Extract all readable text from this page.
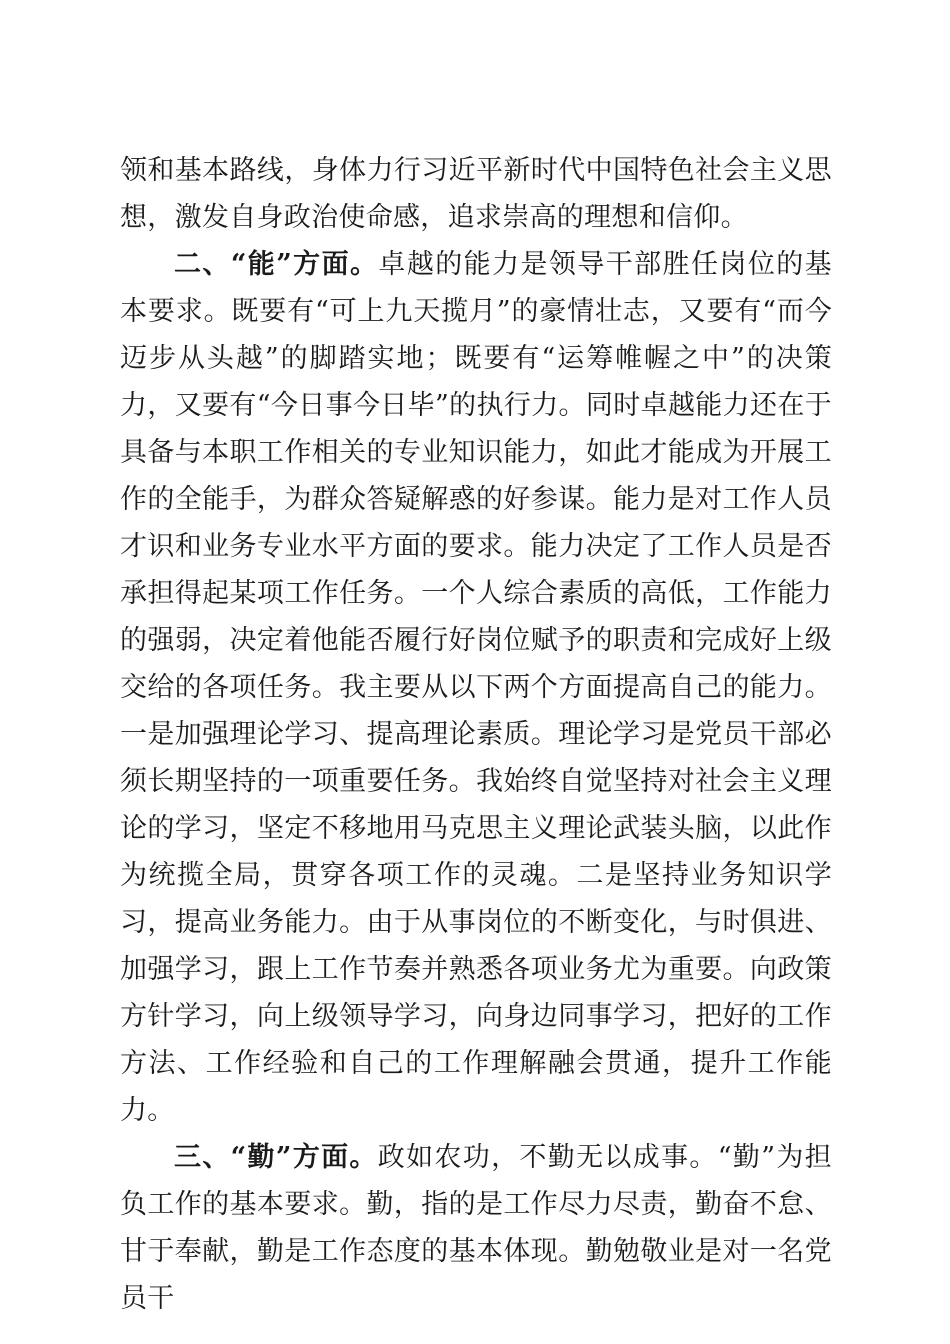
领和基本路线，身体力行习近平新时代中国特色社会主义思想，激发自身政治使命感，追求崇高的理想和信仰。

二、“能”方面。卓越的能力是领导干部胜任岗位的基本要求。既要有“可上九天揽月”的豪情壮志，又要有“而今迈步从头越”的脚踏实地；既要有“运筹帷幄之中”的决策力，又要有“今日事今日毕”的执行力。同时卓越能力还在于具备与本职工作相关的专业知识能力，如此才能成为开展工作的全能手，为群众答疑解惑的好参谋。能力是对工作人员才识和业务专业水平方面的要求。能力决定了工作人员是否承担得起某项工作任务。一个人综合素质的高低，工作能力的强弱，决定着他能否履行好岗位赋予的职责和完成好上级交给的各项任务。我主要从以下两个方面提高自己的能力。一是加强理论学习、提高理论素质。理论学习是党员干部必须长期坚持的一项重要任务。我始终自觉坚持对社会主义理论的学习，坚定不移地用马克思主义理论武装头脑，以此作为统揽全局，贯穿各项工作的灵魂。二是坚持业务知识学习，提高业务能力。由于从事岗位的不断变化，与时俱进、加强学习，跟上工作节奏并熟悉各项业务尤为重要。向政策方针学习，向上级领导学习，向身边同事学习，把好的工作方法、工作经验和自己的工作理解融会贯通，提升工作能力。

三、“勤”方面。政如农功，不勤无以成事。“勤”为担负工作的基本要求。勤，指的是工作尽力尽责，勤奋不怠、甘于奉献，勤是工作态度的基本体现。勤勉敬业是对一名党员干
